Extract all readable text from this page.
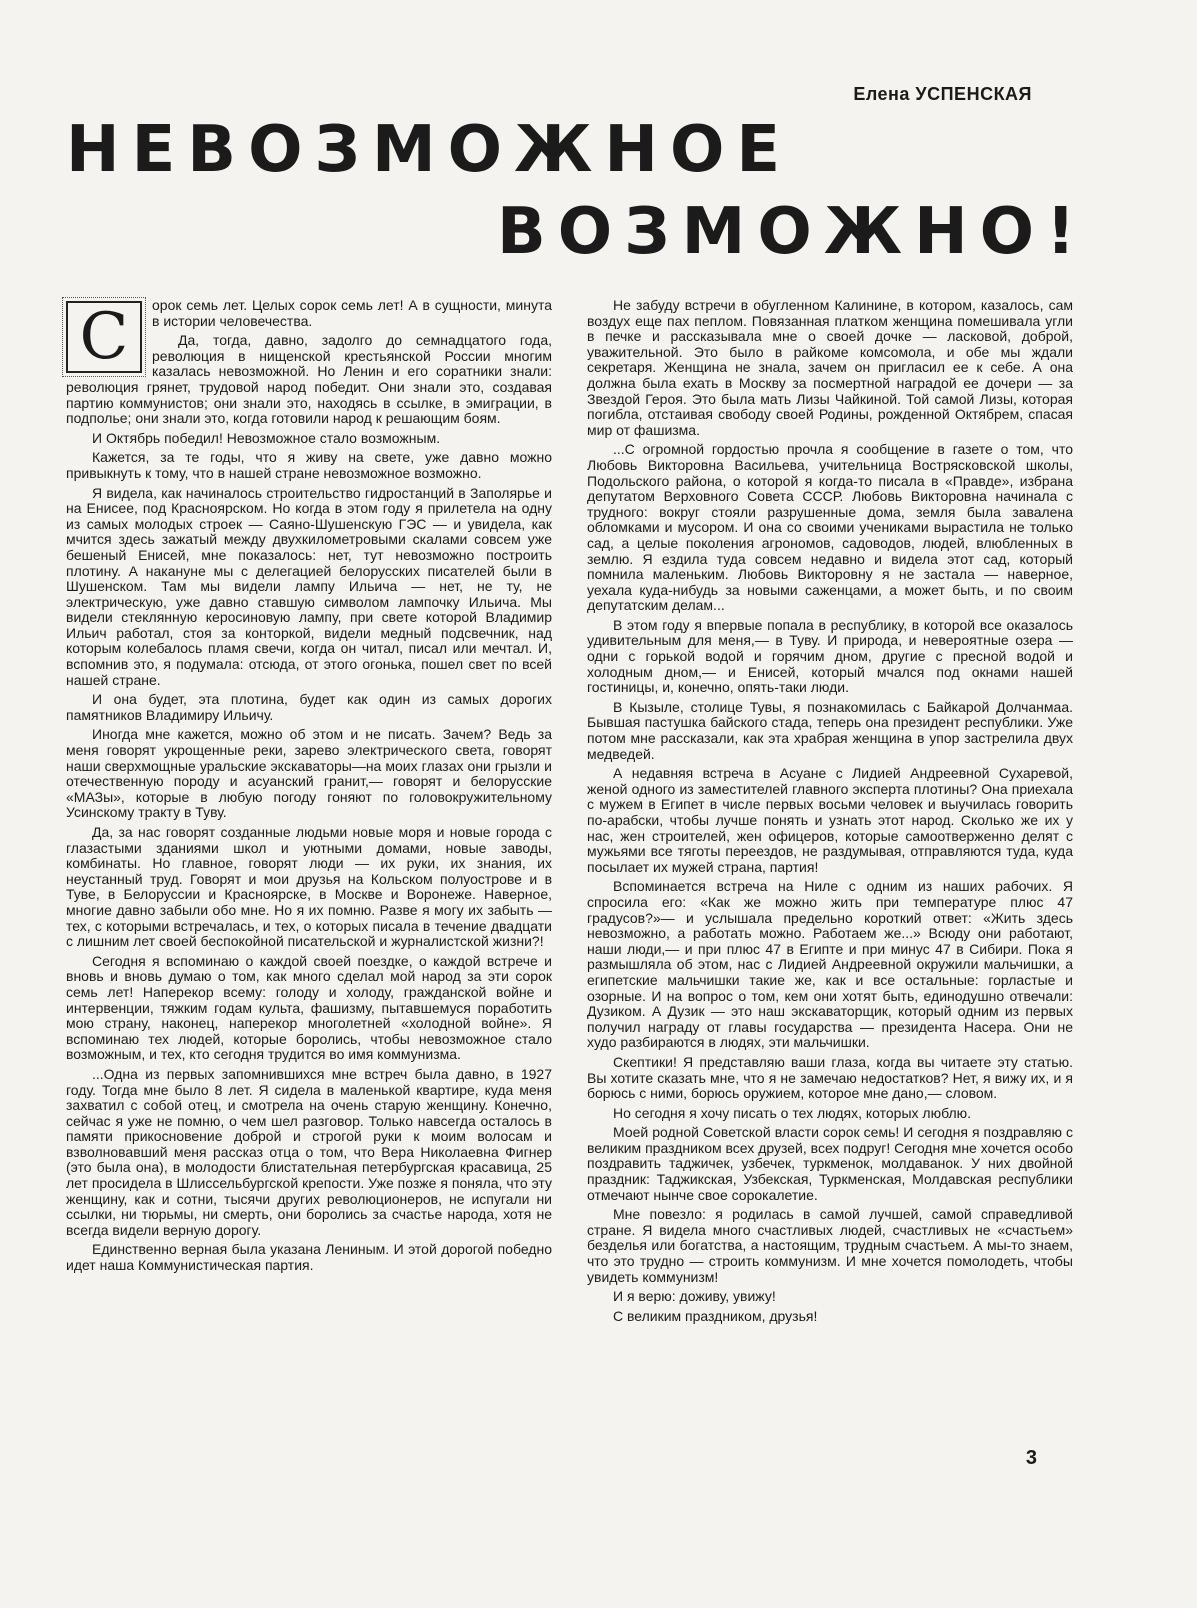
Елена УСПЕНСКАЯ
НЕВОЗМОЖНОЕ
ВОЗМОЖНО!
С	орок семь лет. Целых сорок семь лет! А в сущности, минута в истории человечества.

Да, тогда, давно, задолго до семнадцатого года, революция в нищенской крестьянской России многим казалась невозможной. Но Ленин и его соратники знали: революция грянет, трудовой народ победит. Они знали это, создавая партию коммунистов; они знали это, находясь в ссылке, в эмиграции, в подполье; они знали это, когда готовили народ к решающим боям.

И Октябрь победил! Невозможное стало возможным.

Кажется, за те годы, что я живу на свете, уже давно можно привыкнуть к тому, что в нашей стране невозможное возможно.

Я видела, как начиналось строительство гидростанций в Заполярье и на Енисее, под Красноярском. Но когда в этом году я прилетела на одну из самых молодых строек — Саяно-Шушенскую ГЭС — и увидела, как мчится здесь зажатый между двухкилометровыми скалами совсем уже бешеный Енисей, мне показалось: нет, тут невозможно построить плотину. А накануне мы с делегацией белорусских писателей были в Шушенском. Там мы видели лампу Ильича — нет, не ту, не электрическую, уже давно ставшую символом лампочку Ильича. Мы видели стеклянную керосиновую лампу, при свете которой Владимир Ильич работал, стоя за конторкой, видели медный подсвечник, над которым колебалось пламя свечи, когда он читал, писал или мечтал. И, вспомнив это, я подумала: отсюда, от этого огонька, пошел свет по всей нашей стране.

И она будет, эта плотина, будет как один из самых дорогих памятников Владимиру Ильичу.

Иногда мне кажется, можно об этом и не писать. Зачем? Ведь за меня говорят укрощенные реки, зарево электрического света, говорят наши сверхмощные уральские экскаваторы—на моих глазах они грызли и отечественную породу и асуанский гранит,— говорят и белорусские «МАЗы», которые в любую погоду гоняют по головокружительному Усинскому тракту в Туву.

Да, за нас говорят созданные людьми новые моря и новые города с глазастыми зданиями школ и уютными домами, новые заводы, комбинаты. Но главное, говорят люди — их руки, их знания, их неустанный труд. Говорят и мои друзья на Кольском полуострове и в Туве, в Белоруссии и Красноярске, в Москве и Воронеже. Наверное, многие давно забыли обо мне. Но я их помню. Разве я могу их забыть — тех, с которыми встречалась, и тех, о которых писала в течение двадцати с лишним лет своей беспокойной писательской и журналистской жизни?!

Сегодня я вспоминаю о каждой своей поездке, о каждой встрече и вновь и вновь думаю о том, как много сделал мой народ за эти сорок семь лет! Наперекор всему: голоду и холоду, гражданской войне и интервенции, тяжким годам культа, фашизму, пытавшемуся поработить мою страну, наконец, наперекор многолетней «холодной войне». Я вспоминаю тех людей, которые боролись, чтобы невозможное стало возможным, и тех, кто сегодня трудится во имя коммунизма.

...Одна из первых запомнившихся мне встреч была давно, в 1927 году. Тогда мне было 8 лет. Я сидела в маленькой квартире, куда меня захватил с собой отец, и смотрела на очень старую женщину. Конечно, сейчас я уже не помню, о чем шел разговор. Только навсегда осталось в памяти прикосновение доброй и строгой руки к моим волосам и взволновавший меня рассказ отца о том, что Вера Николаевна Фигнер (это была она), в молодости блистательная петербургская красавица, 25 лет просидела в Шлиссельбургской крепости. Уже позже я поняла, что эту женщину, как и сотни, тысячи других революционеров, не испугали ни ссылки, ни тюрьмы, ни смерть, они боролись за счастье народа, хотя не всегда видели верную дорогу.

Единственно верная была указана Лениным. И этой дорогой победно идет наша Коммунистическая партия.

Не забуду встречи в обугленном Калинине, в котором, казалось, сам воздух еще пах пеплом. Повязанная платком женщина помешивала угли в печке и рассказывала мне о своей дочке — ласковой, доброй, уважительной. Это было в райкоме комсомола, и обе мы ждали секретаря. Женщина не знала, зачем он пригласил ее к себе. А она должна была ехать в Москву за посмертной наградой ее дочери — за Звездой Героя. Это была мать Лизы Чайкиной. Той самой Лизы, которая погибла, отстаивая свободу своей Родины, рожденной Октябрем, спасая мир от фашизма.

...С огромной гордостью прочла я сообщение в газете о том, что Любовь Викторовна Васильева, учительница Вострясковской школы, Подольского района, о которой я когда-то писала в «Правде», избрана депутатом Верховного Совета СССР. Любовь Викторовна начинала с трудного: вокруг стояли разрушенные дома, земля была завалена обломками и мусором. И она со своими учениками вырастила не только сад, а целые поколения агрономов, садоводов, людей, влюбленных в землю. Я ездила туда совсем недавно и видела этот сад, который помнила маленьким. Любовь Викторовну я не застала — наверное, уехала куда-нибудь за новыми саженцами, а может быть, и по своим депутатским делам...

В этом году я впервые попала в республику, в которой все оказалось удивительным для меня,— в Туву. И природа, и невероятные озера — одни с горькой водой и горячим дном, другие с пресной водой и холодным дном,— и Енисей, который мчался под окнами нашей гостиницы, и, конечно, опять-таки люди.

В Кызыле, столице Тувы, я познакомилась с Байкарой Долчанмаа. Бывшая пастушка байского стада, теперь она президент республики. Уже потом мне рассказали, как эта храбрая женщина в упор застрелила двух медведей.

А недавняя встреча в Асуане с Лидией Андреевной Сухаревой, женой одного из заместителей главного эксперта плотины? Она приехала с мужем в Египет в числе первых восьми человек и выучилась говорить по-арабски, чтобы лучше понять и узнать этот народ. Сколько же их у нас, жен строителей, жен офицеров, которые самоотверженно делят с мужьями все тяготы переездов, не раздумывая, отправляются туда, куда посылает их мужей страна, партия!

Вспоминается встреча на Ниле с одним из наших рабочих. Я спросила его: «Как же можно жить при температуре плюс 47 градусов?»— и услышала предельно короткий ответ: «Жить здесь невозможно, а работать можно. Работаем же...» Всюду они работают, наши люди,— и при плюс 47 в Египте и при минус 47 в Сибири. Пока я размышляла об этом, нас с Лидией Андреевной окружили мальчишки, а египетские мальчишки такие же, как и все остальные: горластые и озорные. И на вопрос о том, кем они хотят быть, единодушно отвечали: Дузиком. А Дузик — это наш экскаваторщик, который одним из первых получил награду от главы государства — президента Насера. Они не худо разбираются в людях, эти мальчишки.

Скептики! Я представляю ваши глаза, когда вы читаете эту статью. Вы хотите сказать мне, что я не замечаю недостатков? Нет, я вижу их, и я борюсь с ними, борюсь оружием, которое мне дано,— словом.

Но сегодня я хочу писать о тех людях, которых люблю.

Моей родной Советской власти сорок семь! И сегодня я поздравляю с великим праздником всех друзей, всех подруг! Сегодня мне хочется особо поздравить таджичек, узбечек, туркменок, молдаванок. У них двойной праздник: Таджикская, Узбекская, Туркменская, Молдавская республики отмечают нынче свое сорокалетие.

Мне повезло: я родилась в самой лучшей, самой справедливой стране. Я видела много счастливых людей, счастливых не «счастьем» безделья или богатства, а настоящим, трудным счастьем. А мы-то знаем, что это трудно — строить коммунизм. И мне хочется помолодеть, чтобы увидеть коммунизм!

И я верю: доживу, увижу!

С великим праздником, друзья!

3
